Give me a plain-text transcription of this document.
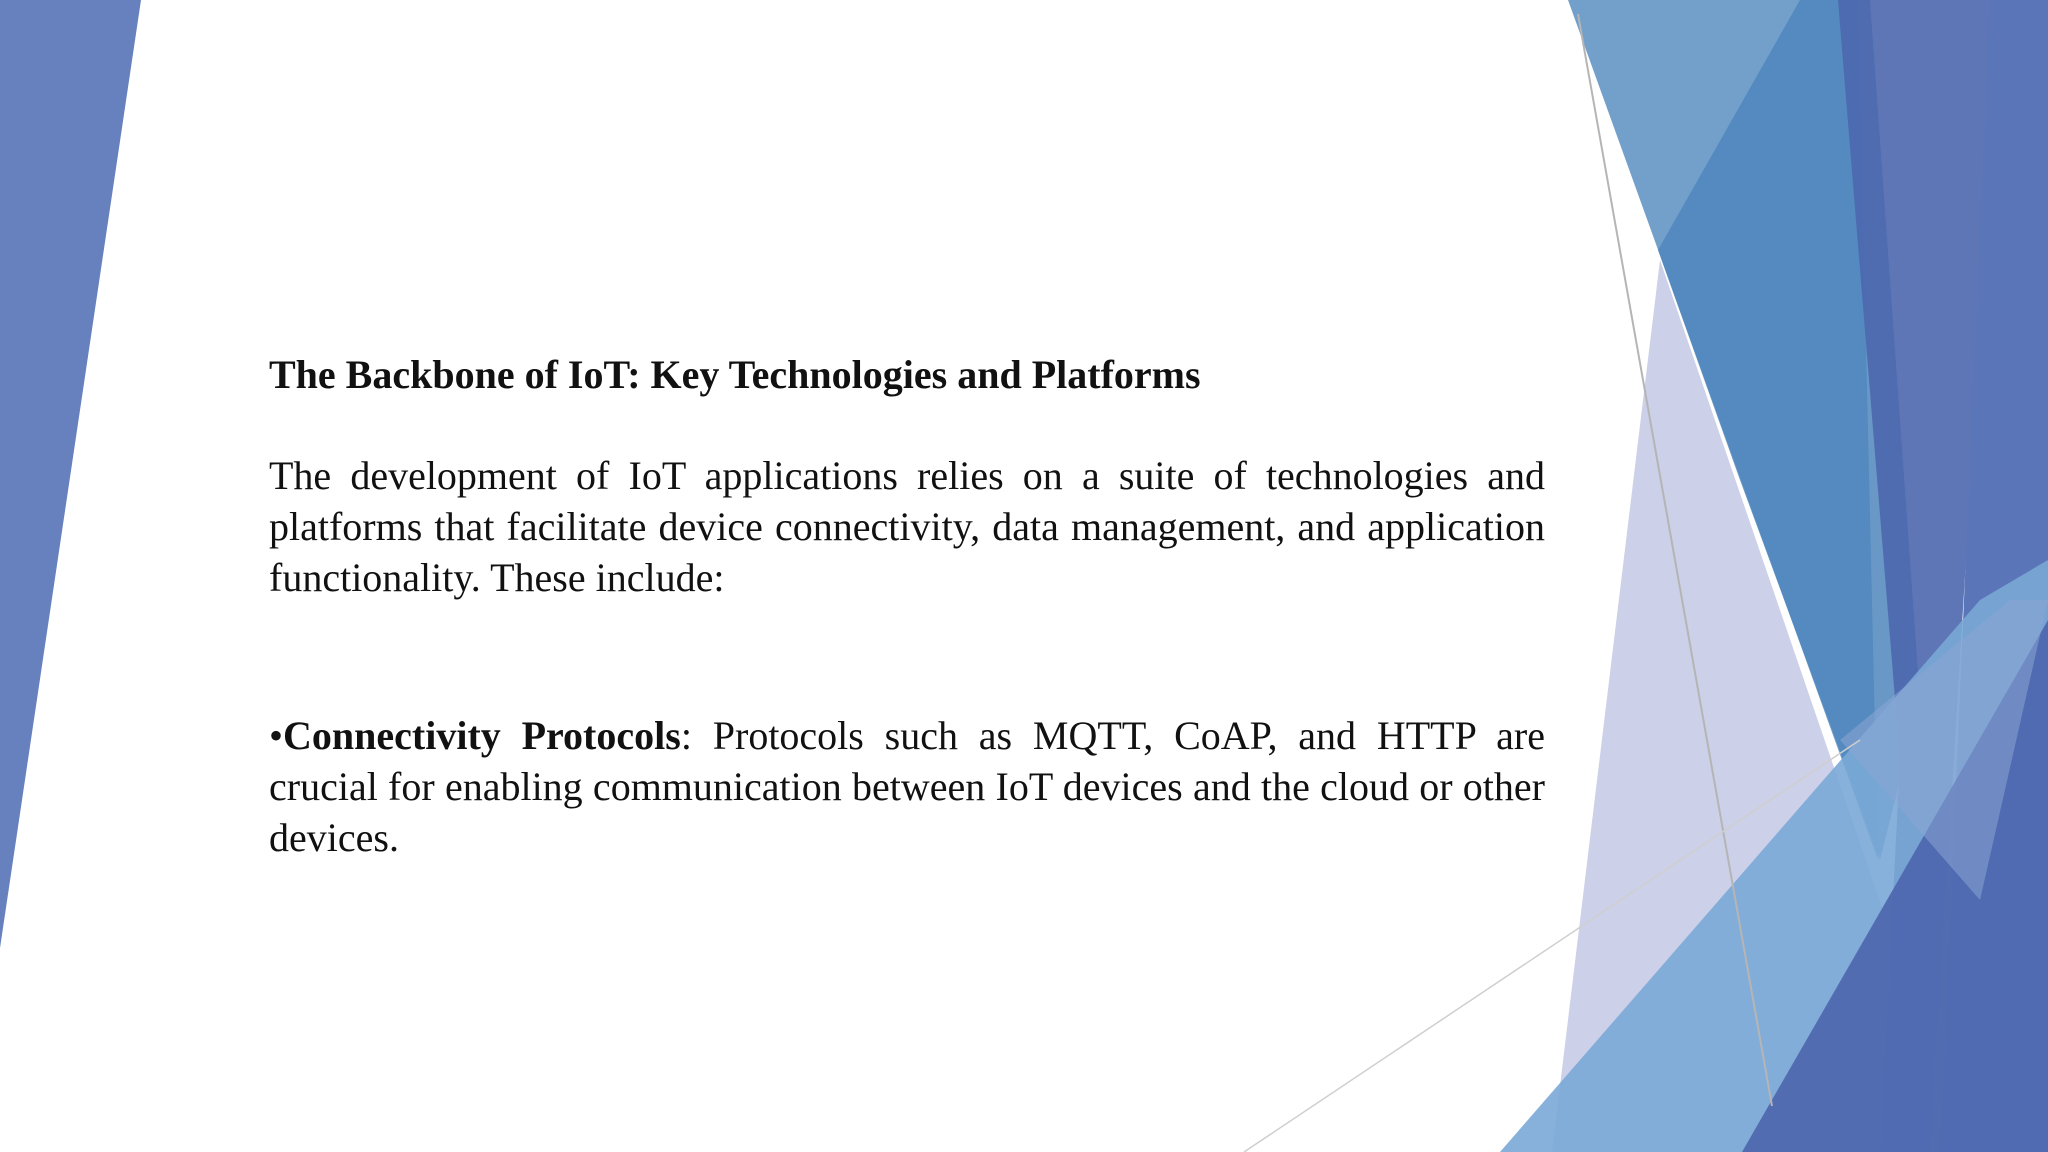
The Backbone of IoT: Key Technologies and Platforms

The development of IoT applications relies on a suite of technologies and platforms that facilitate device connectivity, data management, and application functionality. These include:

•Connectivity Protocols: Protocols such as MQTT, CoAP, and HTTP are crucial for enabling communication between IoT devices and the cloud or other devices.
